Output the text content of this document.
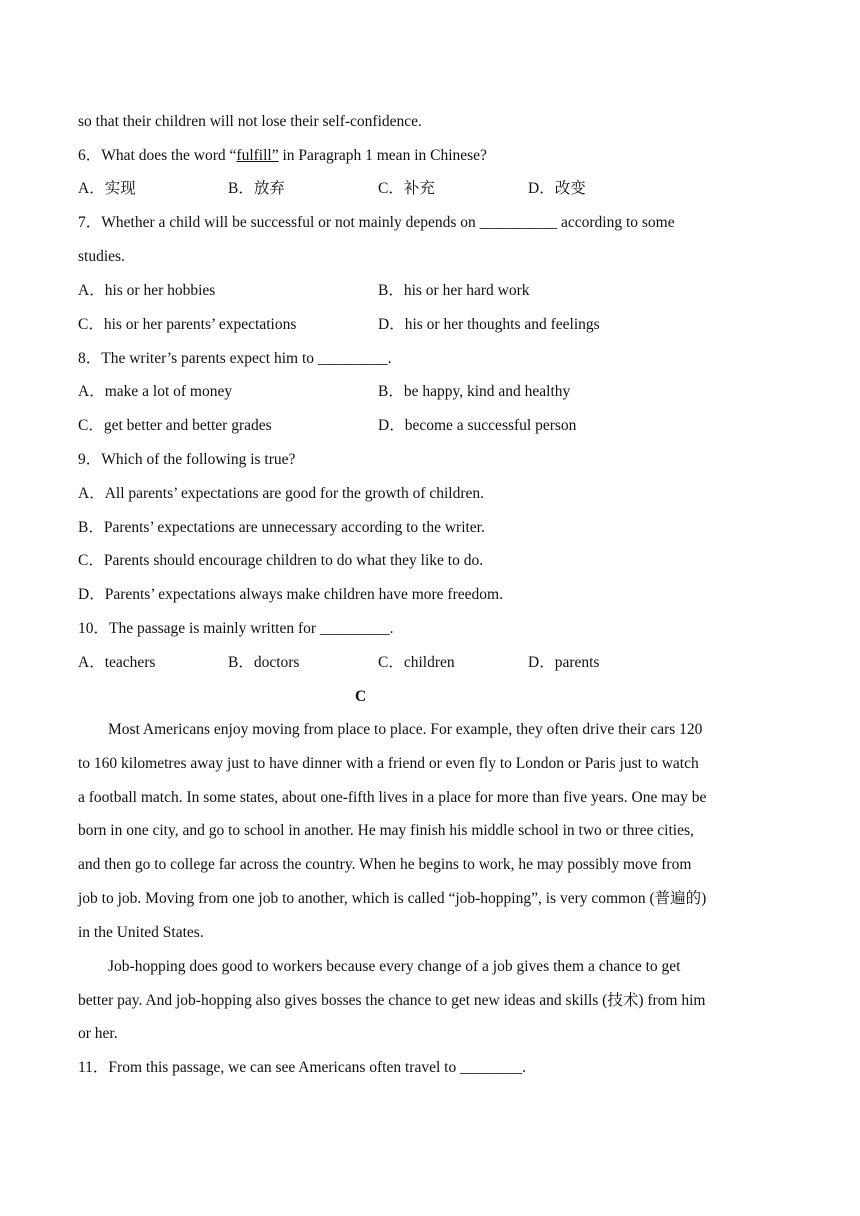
so that their children will not lose their self-confidence.
6．What does the word “fulfill” in Paragraph 1 mean in Chinese?
A．实现	B．放弃	C．补充	D．改变
7．Whether a child will be successful or not mainly depends on __________ according to some
studies.
A．his or her hobbies	B．his or her hard work
C．his or her parents’ expectations	D．his or her thoughts and feelings
8．The writer’s parents expect him to _________.
A．make a lot of money	B．be happy, kind and healthy
C．get better and better grades	D．become a successful person
9．Which of the following is true?
A．All parents’ expectations are good for the growth of children.
B．Parents’ expectations are unnecessary according to the writer.
C．Parents should encourage children to do what they like to do.
D．Parents’ expectations always make children have more freedom.
10．The passage is mainly written for _________.
A．teachers	B．doctors	C．children	D．parents
C
Most Americans enjoy moving from place to place. For example, they often drive their cars 120
to 160 kilometres away just to have dinner with a friend or even fly to London or Paris just to watch
a football match. In some states, about one-fifth lives in a place for more than five years. One may be
born in one city, and go to school in another. He may finish his middle school in two or three cities,
and then go to college far across the country. When he begins to work, he may possibly move from
job to job. Moving from one job to another, which is called “job-hopping”, is very common (普遍的)
in the United States.
Job-hopping does good to workers because every change of a job gives them a chance to get
better pay. And job-hopping also gives bosses the chance to get new ideas and skills (技术) from him
or her.
11．From this passage, we can see Americans often travel to ________.
